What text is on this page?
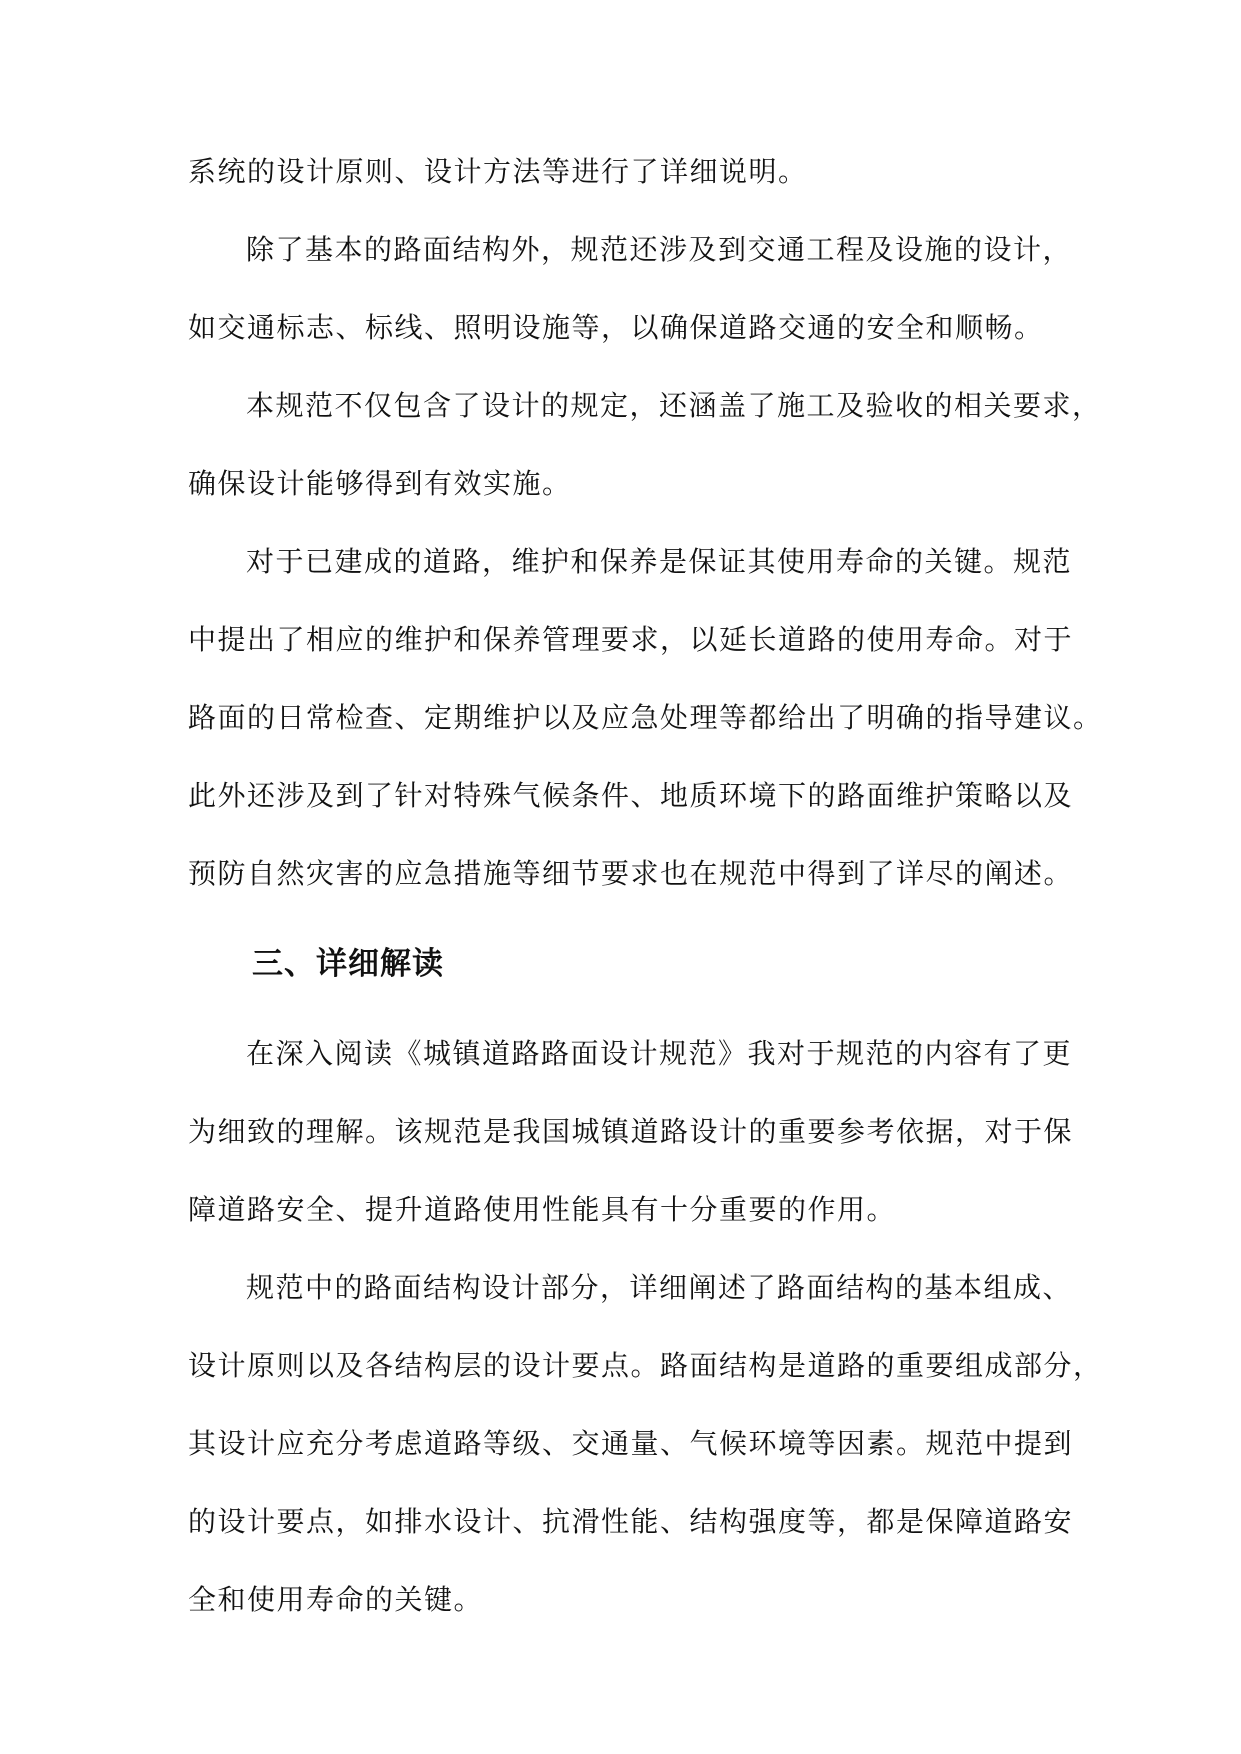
系统的设计原则、设计方法等进行了详细说明。
除了基本的路面结构外，规范还涉及到交通工程及设施的设计，
如交通标志、标线、照明设施等，以确保道路交通的安全和顺畅。
本规范不仅包含了设计的规定，还涵盖了施工及验收的相关要求，
确保设计能够得到有效实施。
对于已建成的道路，维护和保养是保证其使用寿命的关键。规范
中提出了相应的维护和保养管理要求，以延长道路的使用寿命。对于
路面的日常检查、定期维护以及应急处理等都给出了明确的指导建议。
此外还涉及到了针对特殊气候条件、地质环境下的路面维护策略以及
预防自然灾害的应急措施等细节要求也在规范中得到了详尽的阐述。
三、详细解读
在深入阅读《城镇道路路面设计规范》我对于规范的内容有了更
为细致的理解。该规范是我国城镇道路设计的重要参考依据，对于保
障道路安全、提升道路使用性能具有十分重要的作用。
规范中的路面结构设计部分，详细阐述了路面结构的基本组成、
设计原则以及各结构层的设计要点。路面结构是道路的重要组成部分，
其设计应充分考虑道路等级、交通量、气候环境等因素。规范中提到
的设计要点，如排水设计、抗滑性能、结构强度等，都是保障道路安
全和使用寿命的关键。
